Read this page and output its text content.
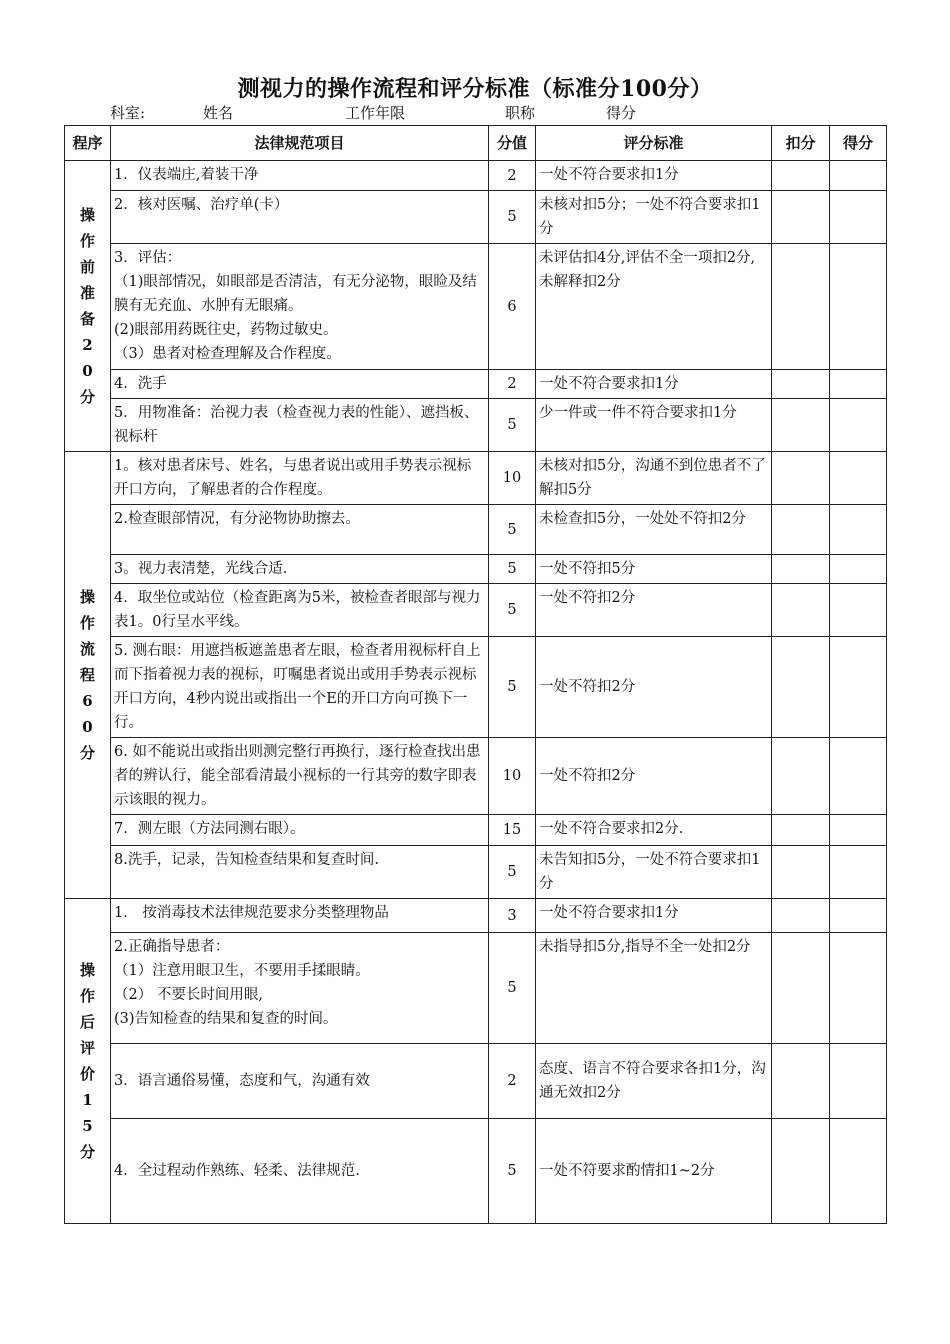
测视力的操作流程和评分标准（标准分100分）
科室:	姓名	工作年限	职称	得分
程序	法律规范项目	分值	评分标准	扣分	得分
操作前准备20分	1．仪表端庄,着装干净	2	一处不符合要求扣1分		

	2．核对医嘱、治疗单(卡）	5	未核对扣5分；一处不符合要求扣1分		

	3．评估：
（1)眼部情况，如眼部是否清洁，有无分泌物，眼睑及结膜有无充血、水肿有无眼痛。
(2)眼部用药既往史，药物过敏史。
（3）患者对检查理解及合作程度。	6	未评估扣4分,评估不全一项扣2分,未解释扣2分		

	4．洗手	2	一处不符合要求扣1分		

	5．用物准备：治视力表（检查视力表的性能）、遮挡板、视标杆	5	少一件或一件不符合要求扣1分		
操作流程60分	1。核对患者床号、姓名，与患者说出或用手势表示视标开口方向，了解患者的合作程度。	10	未核对扣5分，沟通不到位患者不了解扣5分		

	2.检查眼部情况，有分泌物协助擦去。	5	未检查扣5分，一处处不符扣2分		

	3。视力表清楚，光线合适.	5	一处不符扣5分		

	4．取坐位或站位（检查距离为5米，被检查者眼部与视力表1。0行呈水平线。	5	一处不符扣2分		

	5. 测右眼：用遮挡板遮盖患者左眼，检查者用视标杆自上而下指着视力表的视标，叮嘱患者说出或用手势表示视标开口方向，4秒内说出或指出一个E的开口方向可换下一行。	5	一处不符扣2分		

	6. 如不能说出或指出则测完整行再换行，逐行检查找出患者的辨认行，能全部看清最小视标的一行其旁的数字即表示该眼的视力。	10	一处不符扣2分		

	7．测左眼（方法同测右眼）。	15	一处不符合要求扣2分.		

	8.洗手，记录，告知检查结果和复查时间.	5	未告知扣5分，一处不符合要求扣1分		
操作后评价15分	1． 按消毒技术法律规范要求分类整理物品	3	一处不符合要求扣1分		

	2.正确指导患者：
（1）注意用眼卫生，不要用手揉眼睛。
（2） 不要长时间用眼,
(3)告知检查的结果和复查的时间。	5	未指导扣5分,指导不全一处扣2分		

	3．语言通俗易懂，态度和气，沟通有效	2	态度、语言不符合要求各扣1分，沟通无效扣2分		

	4．全过程动作熟练、轻柔、法律规范.	5	一处不符要求酌情扣1~2分		
